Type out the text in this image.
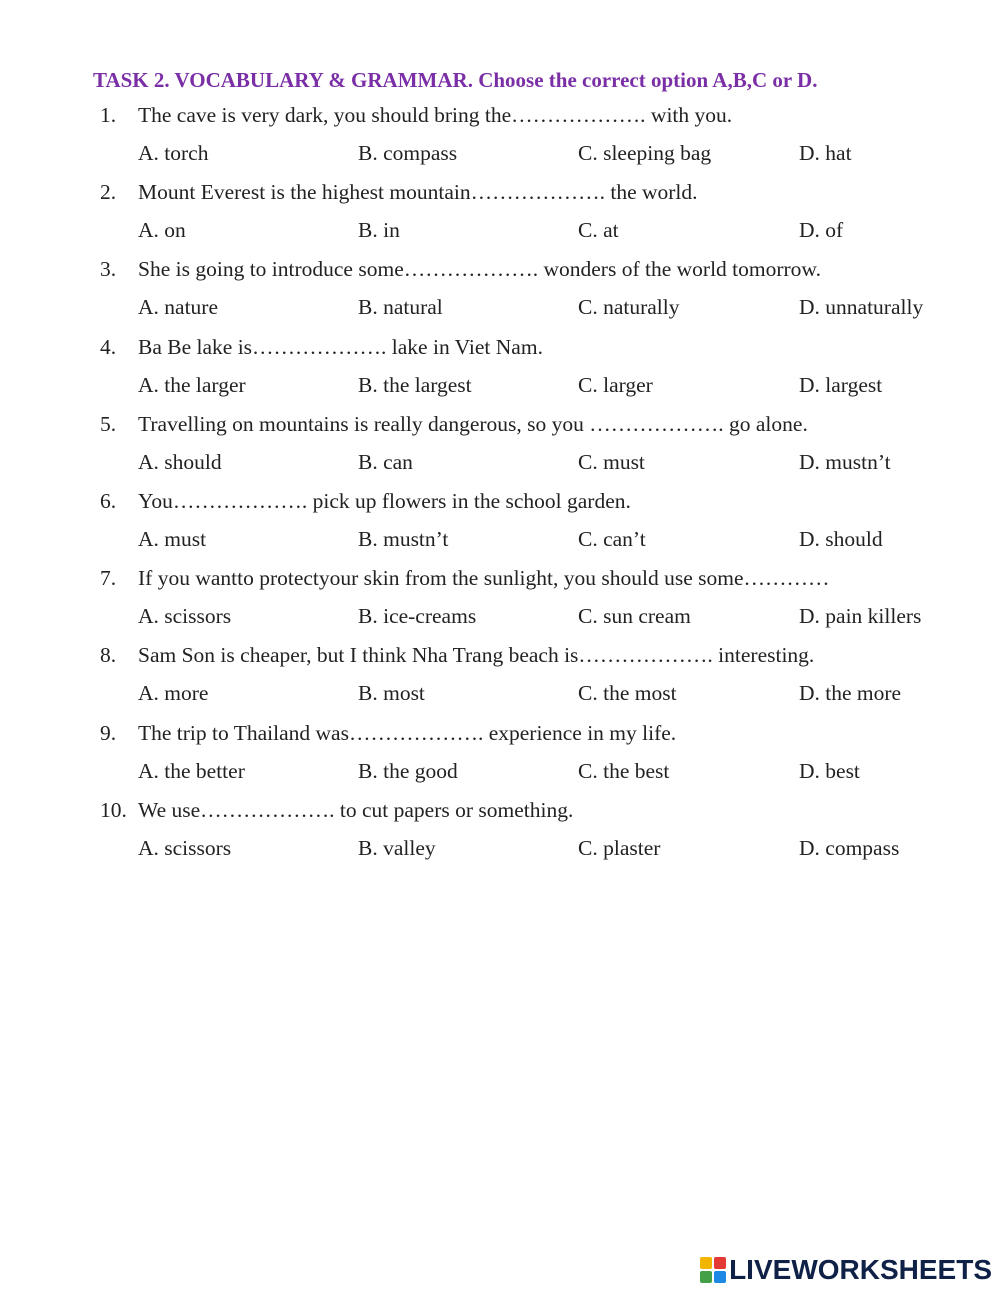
TASK 2. VOCABULARY & GRAMMAR. Choose the correct option A,B,C or D.
1.	The cave is very dark, you should bring the………………. with you.
A. torch	B. compass	C. sleeping bag	D. hat
2.	Mount Everest is the highest mountain………………. the world.
A. on	B. in	C. at	D. of
3.	She is going to introduce some………………. wonders of the world tomorrow.
A. nature	B. natural	C. naturally	D. unnaturally
4.	Ba Be lake is………………. lake in Viet Nam.
A. the larger	B. the largest	C. larger	D. largest
5.	Travelling on mountains is really dangerous, so you ………………. go alone.
A. should	B. can	C. must	D. mustn’t
6.	You………………. pick up flowers in the school garden.
A. must	B. mustn’t	C. can’t	D. should
7.	If you wantto protectyour skin from the sunlight, you should use some…………
A. scissors	B. ice-creams	C. sun cream	D. pain killers
8.	Sam Son is cheaper, but I think Nha Trang beach is………………. interesting.
A. more	B. most	C. the most	D. the more
9.	The trip to Thailand was………………. experience in my life.
A. the better	B. the good	C. the best	D. best
10. We use………………. to cut papers or something.
A. scissors	B. valley	C. plaster	D. compass
LIVEWORKSHEETS
